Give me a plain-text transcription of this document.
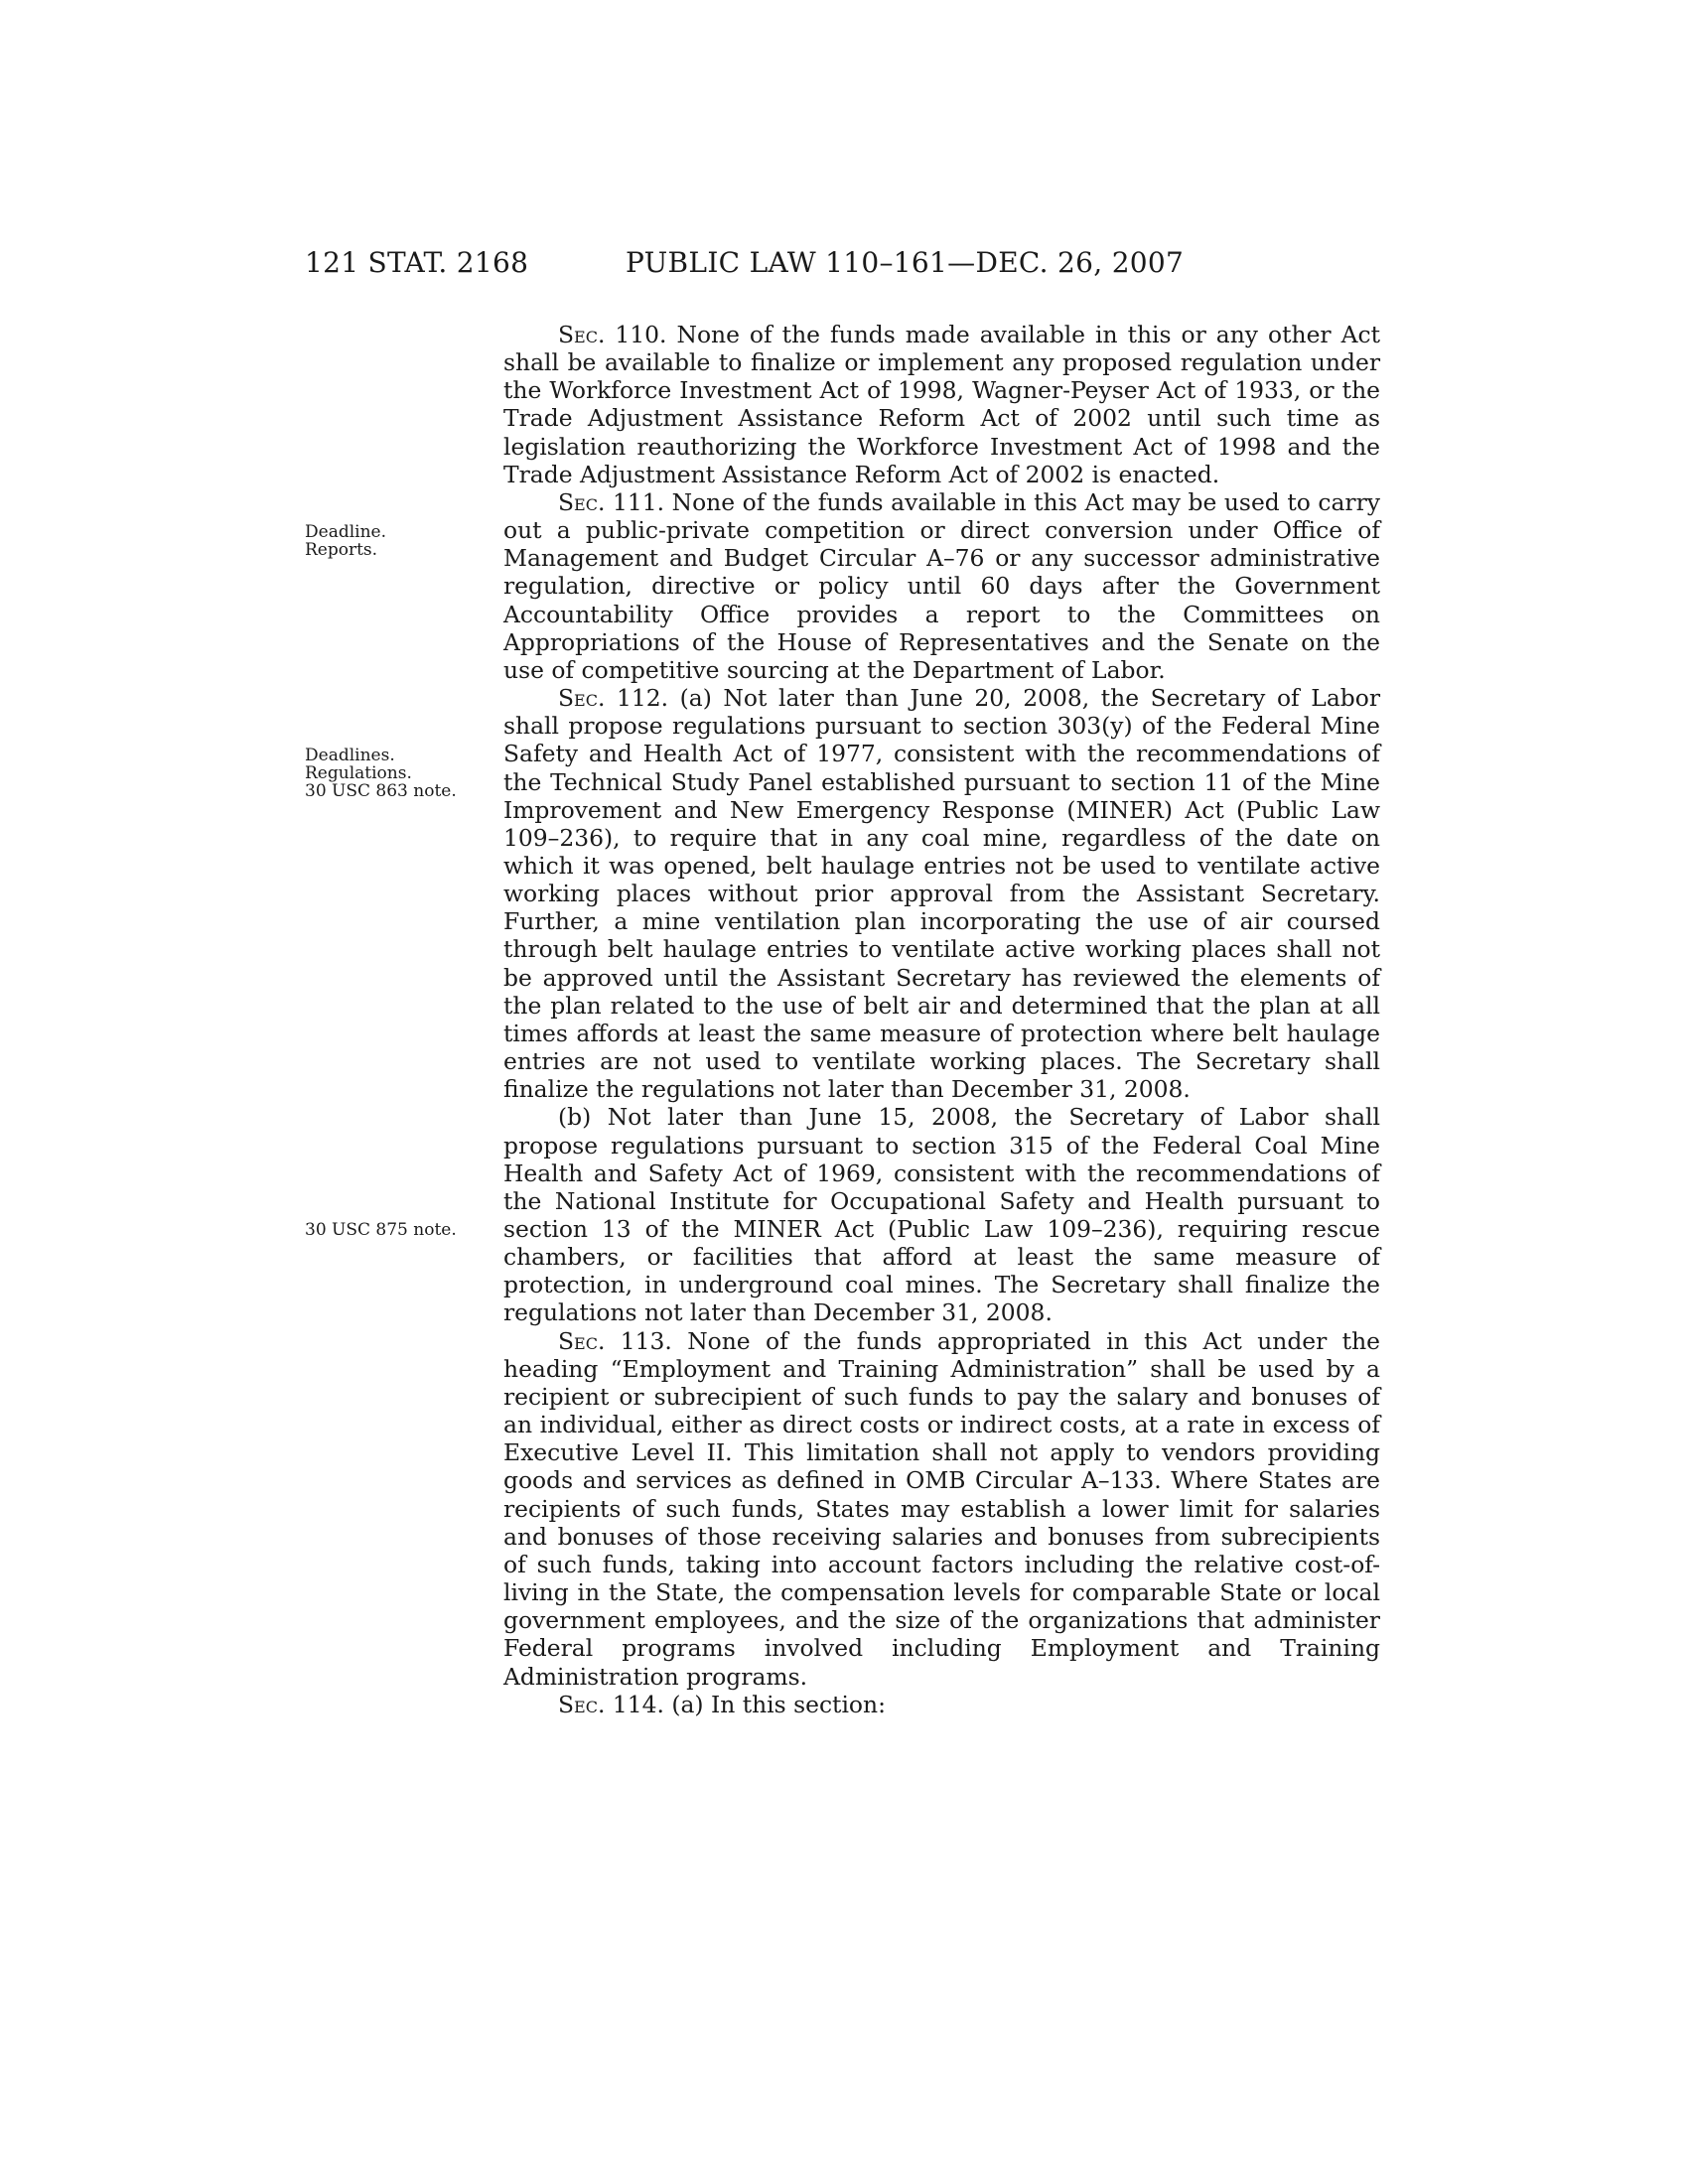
121 STAT. 2168	PUBLIC LAW 110–161—DEC. 26, 2007
Deadline.
Reports.
Deadlines.
Regulations.
30 USC 863 note.
30 USC 875 note.

Sec. 110. None of the funds made available in this or any other Act shall be available to finalize or implement any proposed regulation under the Workforce Investment Act of 1998, Wagner-Peyser Act of 1933, or the Trade Adjustment Assistance Reform Act of 2002 until such time as legislation reauthorizing the Workforce Investment Act of 1998 and the Trade Adjustment Assistance Reform Act of 2002 is enacted.

Sec. 111. None of the funds available in this Act may be used to carry out a public-private competition or direct conversion under Office of Management and Budget Circular A–76 or any successor administrative regulation, directive or policy until 60 days after the Government Accountability Office provides a report to the Committees on Appropriations of the House of Representatives and the Senate on the use of competitive sourcing at the Department of Labor.

Sec. 112. (a) Not later than June 20, 2008, the Secretary of Labor shall propose regulations pursuant to section 303(y) of the Federal Mine Safety and Health Act of 1977, consistent with the recommendations of the Technical Study Panel established pursuant to section 11 of the Mine Improvement and New Emergency Response (MINER) Act (Public Law 109–236), to require that in any coal mine, regardless of the date on which it was opened, belt haulage entries not be used to ventilate active working places without prior approval from the Assistant Secretary. Further, a mine ventilation plan incorporating the use of air coursed through belt haulage entries to ventilate active working places shall not be approved until the Assistant Secretary has reviewed the elements of the plan related to the use of belt air and determined that the plan at all times affords at least the same measure of protection where belt haulage entries are not used to ventilate working places. The Secretary shall finalize the regulations not later than December 31, 2008.

(b) Not later than June 15, 2008, the Secretary of Labor shall propose regulations pursuant to section 315 of the Federal Coal Mine Health and Safety Act of 1969, consistent with the recommendations of the National Institute for Occupational Safety and Health pursuant to section 13 of the MINER Act (Public Law 109–236), requiring rescue chambers, or facilities that afford at least the same measure of protection, in underground coal mines. The Secretary shall finalize the regulations not later than December 31, 2008.

Sec. 113. None of the funds appropriated in this Act under the heading “Employment and Training Administration” shall be used by a recipient or subrecipient of such funds to pay the salary and bonuses of an individual, either as direct costs or indirect costs, at a rate in excess of Executive Level II. This limitation shall not apply to vendors providing goods and services as defined in OMB Circular A–133. Where States are recipients of such funds, States may establish a lower limit for salaries and bonuses of those receiving salaries and bonuses from subrecipients of such funds, taking into account factors including the relative cost-of-living in the State, the compensation levels for comparable State or local government employees, and the size of the organizations that administer Federal programs involved including Employment and Training Administration programs.

Sec. 114. (a) In this section:
